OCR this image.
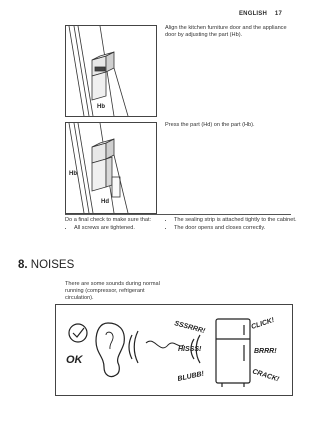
ENGLISH 17
Hb
Align the kitchen furniture door and the appliance door by adjusting the part (Hb).
Hb
Hd
Press the part (Hd) on the part (Hb).
Do a final check to make sure that:
• All screws are tightened.
• The sealing strip is attached tightly to the cabinet.
• The door opens and closes correctly.
8. NOISES
There are some sounds during normal running (compressor, refrigerant circulation).
OK
SSSRRR!	CLICK!
HISSS!	BRRR!
BLUBB!	CRACK!
